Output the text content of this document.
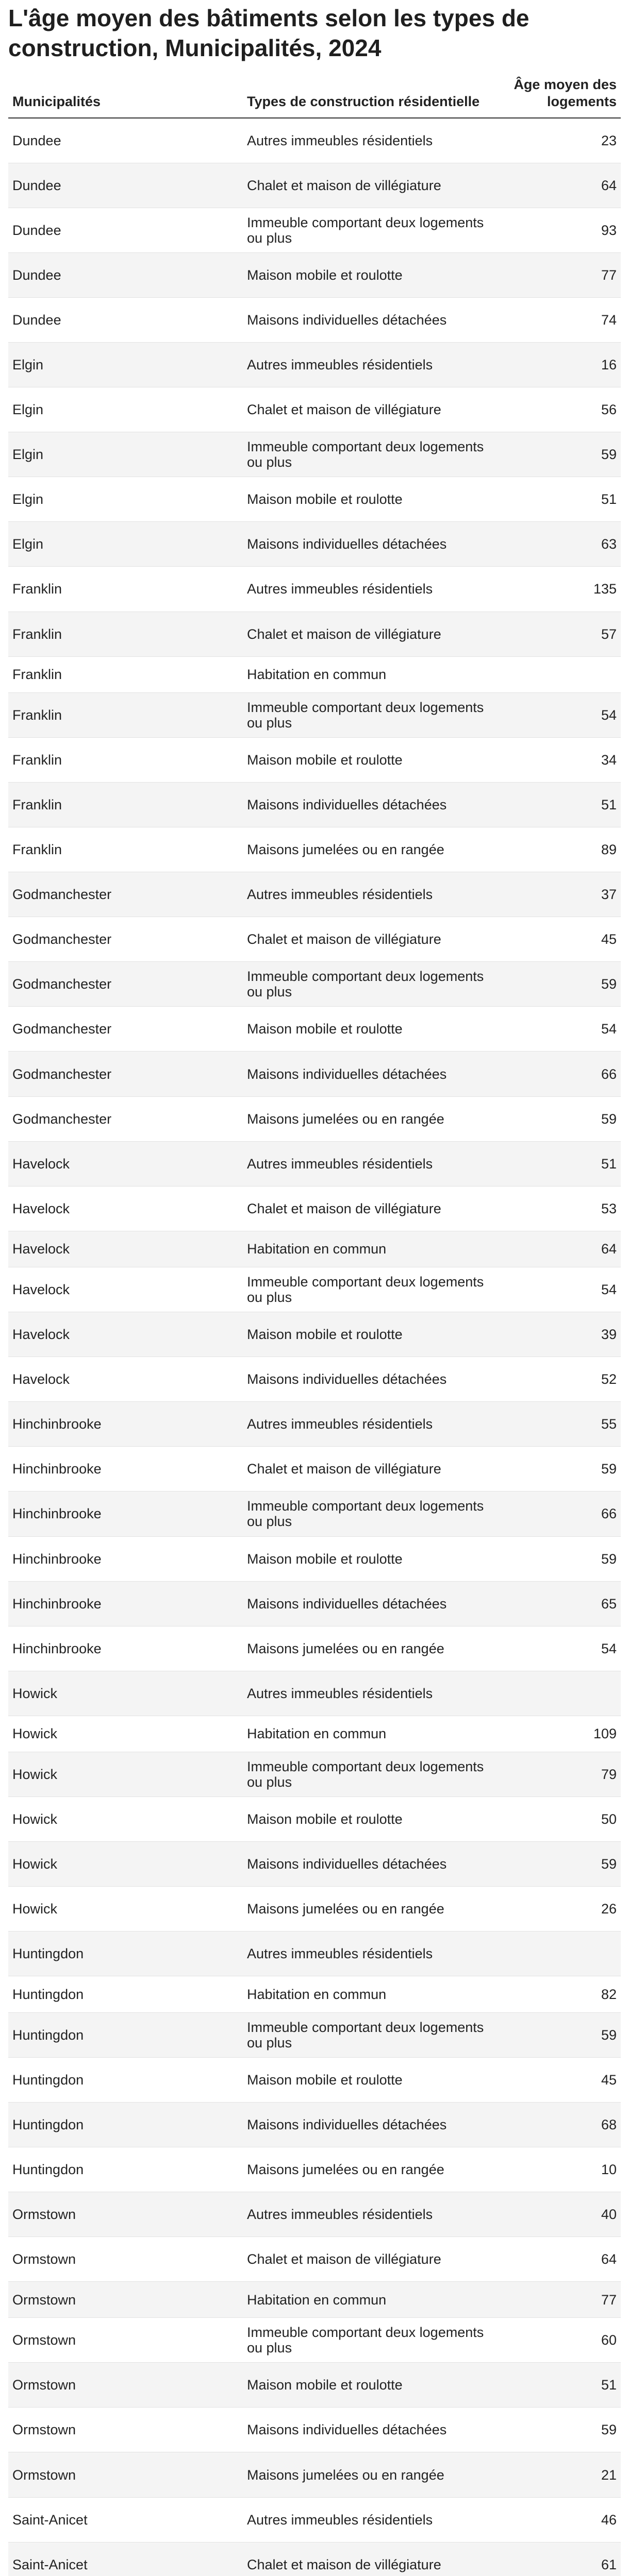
L'âge moyen des bâtiments selon les types de construction, Municipalités, 2024
Municipalités	Types de construction résidentielle	Âge moyen des logements
Dundee	Autres immeubles résidentiels	23
Dundee	Chalet et maison de villégiature	64
Dundee	Immeuble comportant deux logements ou plus	93
Dundee	Maison mobile et roulotte	77
Dundee	Maisons individuelles détachées	74
Elgin	Autres immeubles résidentiels	16
Elgin	Chalet et maison de villégiature	56
Elgin	Immeuble comportant deux logements ou plus	59
Elgin	Maison mobile et roulotte	51
Elgin	Maisons individuelles détachées	63
Franklin	Autres immeubles résidentiels	135
Franklin	Chalet et maison de villégiature	57
Franklin	Habitation en commun	
Franklin	Immeuble comportant deux logements ou plus	54
Franklin	Maison mobile et roulotte	34
Franklin	Maisons individuelles détachées	51
Franklin	Maisons jumelées ou en rangée	89
Godmanchester	Autres immeubles résidentiels	37
Godmanchester	Chalet et maison de villégiature	45
Godmanchester	Immeuble comportant deux logements ou plus	59
Godmanchester	Maison mobile et roulotte	54
Godmanchester	Maisons individuelles détachées	66
Godmanchester	Maisons jumelées ou en rangée	59
Havelock	Autres immeubles résidentiels	51
Havelock	Chalet et maison de villégiature	53
Havelock	Habitation en commun	64
Havelock	Immeuble comportant deux logements ou plus	54
Havelock	Maison mobile et roulotte	39
Havelock	Maisons individuelles détachées	52
Hinchinbrooke	Autres immeubles résidentiels	55
Hinchinbrooke	Chalet et maison de villégiature	59
Hinchinbrooke	Immeuble comportant deux logements ou plus	66
Hinchinbrooke	Maison mobile et roulotte	59
Hinchinbrooke	Maisons individuelles détachées	65
Hinchinbrooke	Maisons jumelées ou en rangée	54
Howick	Autres immeubles résidentiels	
Howick	Habitation en commun	109
Howick	Immeuble comportant deux logements ou plus	79
Howick	Maison mobile et roulotte	50
Howick	Maisons individuelles détachées	59
Howick	Maisons jumelées ou en rangée	26
Huntingdon	Autres immeubles résidentiels	
Huntingdon	Habitation en commun	82
Huntingdon	Immeuble comportant deux logements ou plus	59
Huntingdon	Maison mobile et roulotte	45
Huntingdon	Maisons individuelles détachées	68
Huntingdon	Maisons jumelées ou en rangée	10
Ormstown	Autres immeubles résidentiels	40
Ormstown	Chalet et maison de villégiature	64
Ormstown	Habitation en commun	77
Ormstown	Immeuble comportant deux logements ou plus	60
Ormstown	Maison mobile et roulotte	51
Ormstown	Maisons individuelles détachées	59
Ormstown	Maisons jumelées ou en rangée	21
Saint-Anicet	Autres immeubles résidentiels	46
Saint-Anicet	Chalet et maison de villégiature	61
